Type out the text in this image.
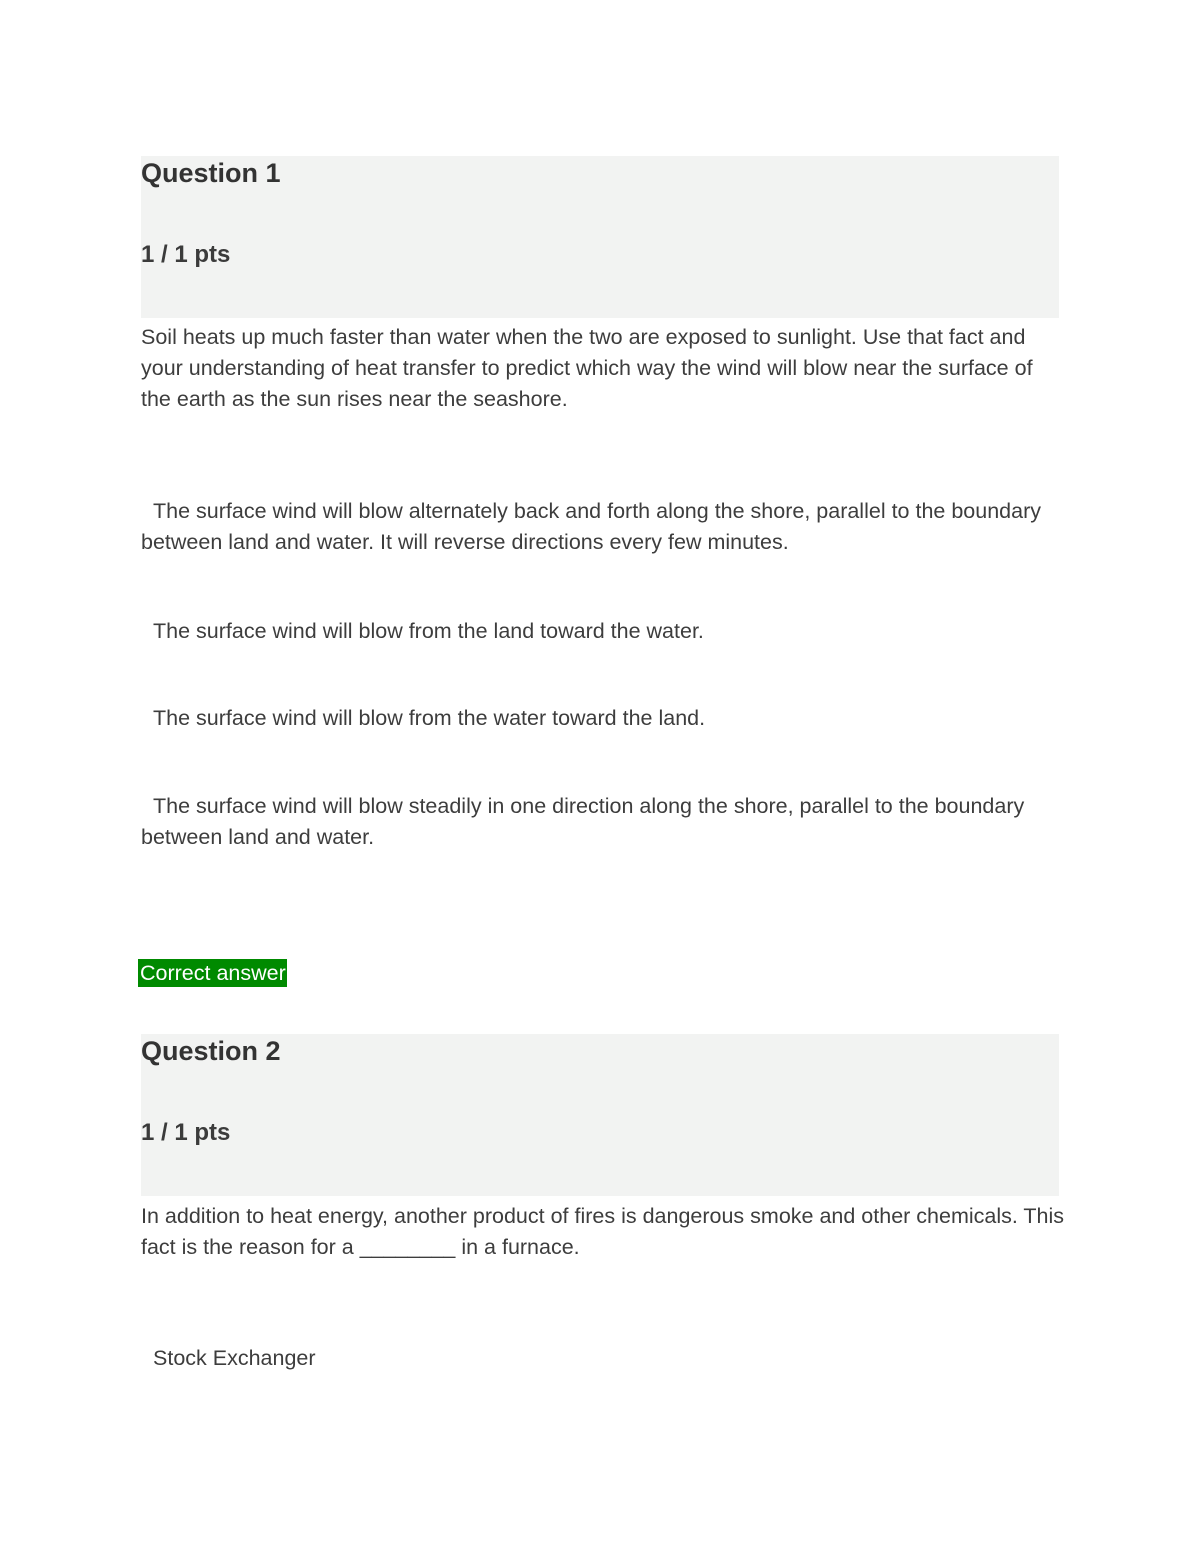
Question 1
1 / 1 pts

Soil heats up much faster than water when the two are exposed to sunlight. Use that fact and your understanding of heat transfer to predict which way the wind will blow near the surface of the earth as the sun rises near the seashore.

The surface wind will blow alternately back and forth along the shore, parallel to the boundary between land and water. It will reverse directions every few minutes.
The surface wind will blow from the land toward the water.
The surface wind will blow from the water toward the land.
The surface wind will blow steadily in one direction along the shore, parallel to the boundary between land and water.
Correct answer
Question 2
1 / 1 pts

In addition to heat energy, another product of fires is dangerous smoke and other chemicals. This fact is the reason for a ________ in a furnace.

Stock Exchanger
